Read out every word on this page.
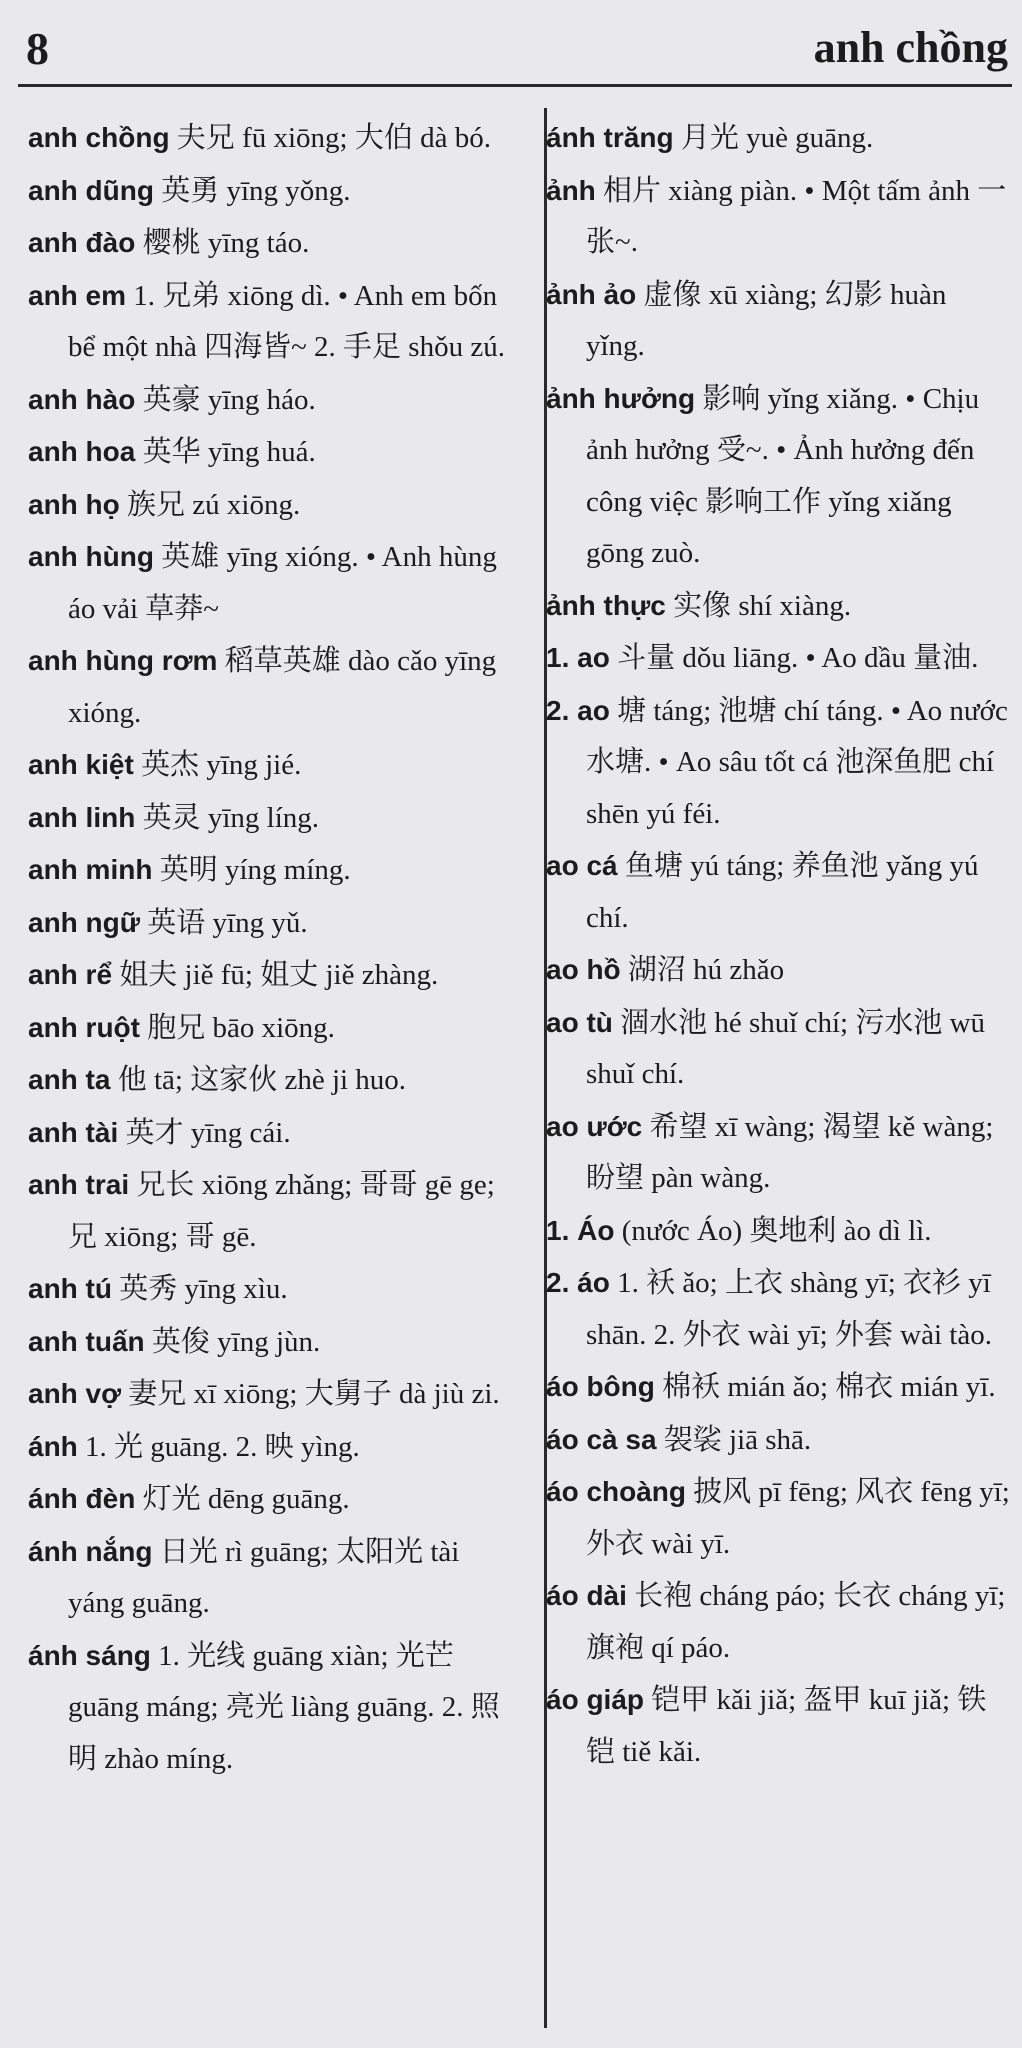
8	anh chồng

anh chồng 夫兄 fū xiōng; 大伯 dà bó.

anh dũng 英勇 yīng yǒng.

anh đào 樱桃 yīng táo.

anh em 1. 兄弟 xiōng dì. • Anh em bốn bể một nhà 四海皆~ 2. 手足 shǒu zú.

anh hào 英豪 yīng háo.

anh hoa 英华 yīng huá.

anh họ 族兄 zú xiōng.

anh hùng 英雄 yīng xióng. • Anh hùng áo vải 草莽~

anh hùng rơm 稻草英雄 dào cǎo yīng xióng.

anh kiệt 英杰 yīng jié.

anh linh 英灵 yīng líng.

anh minh 英明 yíng míng.

anh ngữ 英语 yīng yǔ.

anh rể 姐夫 jiě fū; 姐丈 jiě zhàng.

anh ruột 胞兄 bāo xiōng.

anh ta 他 tā; 这家伙 zhè ji huo.

anh tài 英才 yīng cái.

anh trai 兄长 xiōng zhǎng; 哥哥 gē ge; 兄 xiōng; 哥 gē.

anh tú 英秀 yīng xìu.

anh tuấn 英俊 yīng jùn.

anh vợ 妻兄 xī xiōng; 大舅子 dà jiù zi.

ánh 1. 光 guāng. 2. 映 yìng.

ánh đèn 灯光 dēng guāng.

ánh nắng 日光 rì guāng; 太阳光 tài yáng guāng.

ánh sáng 1. 光线 guāng xiàn; 光芒 guāng máng; 亮光 liàng guāng. 2. 照明 zhào míng.

ánh trăng 月光 yuè guāng.

ảnh 相片 xiàng piàn. • Một tấm ảnh 一张~.

ảnh ảo 虚像 xū xiàng; 幻影 huàn yǐng.

ảnh hưởng 影响 yǐng xiǎng. • Chịu ảnh hưởng 受~. • Ảnh hưởng đến công việc 影响工作 yǐng xiǎng gōng zuò.

ảnh thực 实像 shí xiàng.

1. ao 斗量 dǒu liāng. • Ao dầu 量油.

2. ao 塘 táng; 池塘 chí táng. • Ao nước 水塘. • Ao sâu tốt cá 池深鱼肥 chí shēn yú féi.

ao cá 鱼塘 yú táng; 养鱼池 yǎng yú chí.

ao hồ 湖沼 hú zhǎo

ao tù 涸水池 hé shuǐ chí; 污水池 wū shuǐ chí.

ao ước 希望 xī wàng; 渴望 kě wàng; 盼望 pàn wàng.

1. Áo (nước Áo) 奥地利 ào dì lì.

2. áo 1. 袄 ǎo; 上衣 shàng yī; 衣衫 yī shān. 2. 外衣 wài yī; 外套 wài tào.

áo bông 棉袄 mián ǎo; 棉衣 mián yī.

áo cà sa 袈裟 jiā shā.

áo choàng 披风 pī fēng; 风衣 fēng yī; 外衣 wài yī.

áo dài 长袍 cháng páo; 长衣 cháng yī; 旗袍 qí páo.

áo giáp 铠甲 kǎi jiǎ; 盔甲 kuī jiǎ; 铁铠 tiě kǎi.
